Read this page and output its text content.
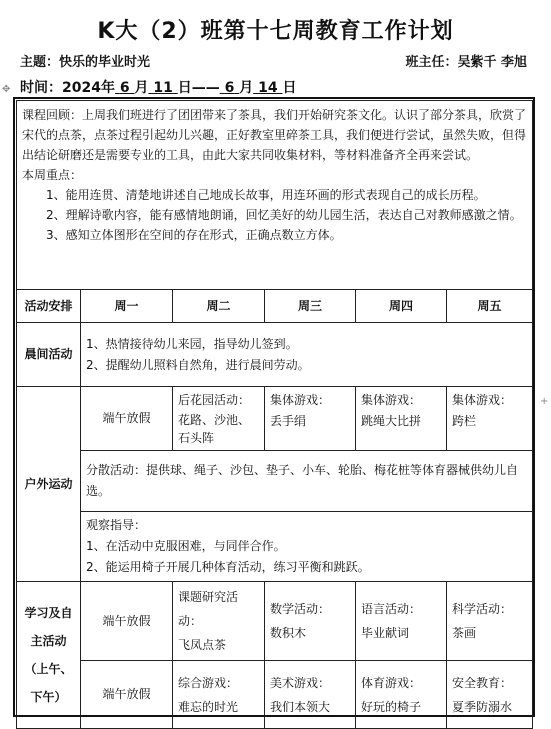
K大（2）班第十七周教育工作计划
✥
+
主题：快乐的毕业时光	班主任：吴紫千 李旭
时间：2024年 6 月 11 日—— 6 月 14 日

课程回顾：上周我们班进行了团团带来了茶具，我们开始研究茶文化。认识了部分茶具，欣赏了宋代的点茶，点茶过程引起幼儿兴趣，正好教室里碎茶工具，我们便进行尝试，虽然失败，但得出结论研磨还是需要专业的工具，由此大家共同收集材料，等材料准备齐全再来尝试。

本周重点：

1、能用连贯、清楚地讲述自己地成长故事，用连环画的形式表现自己的成长历程。

2、理解诗歌内容，能有感情地朗诵，回忆美好的幼儿园生活，表达自己对教师感激之情。

3、感知立体图形在空间的存在形式，正确点数立方体。					

活动安排	周一	周二	周三	周四	周五
晨间活动	1、热情接待幼儿来园，指导幼儿签到。
2、提醒幼儿照料自然角，进行晨间劳动。				

户外运动	端午放假	后花园活动：
花路、沙池、石头阵	集体游戏：
丢手绢	集体游戏：
跳绳大比拼	集体游戏：
跨栏

	分散活动：提供球、绳子、沙包、垫子、小车、轮胎、梅花桩等体育器械供幼儿自选。				

	观察指导：
1、在活动中克服困难，与同伴合作。
2、能运用椅子开展几种体育活动，练习平衡和跳跃。				

学习及自
主活动
（上午、
下午）	端午放假	课题研究活动：
飞凤点茶	数学活动：
数积木	语言活动：
毕业献词	科学活动：
茶画

	端午放假	综合游戏：
难忘的时光	美术游戏：
我们本领大	体育游戏：
好玩的椅子	安全教育：
夏季防溺水
